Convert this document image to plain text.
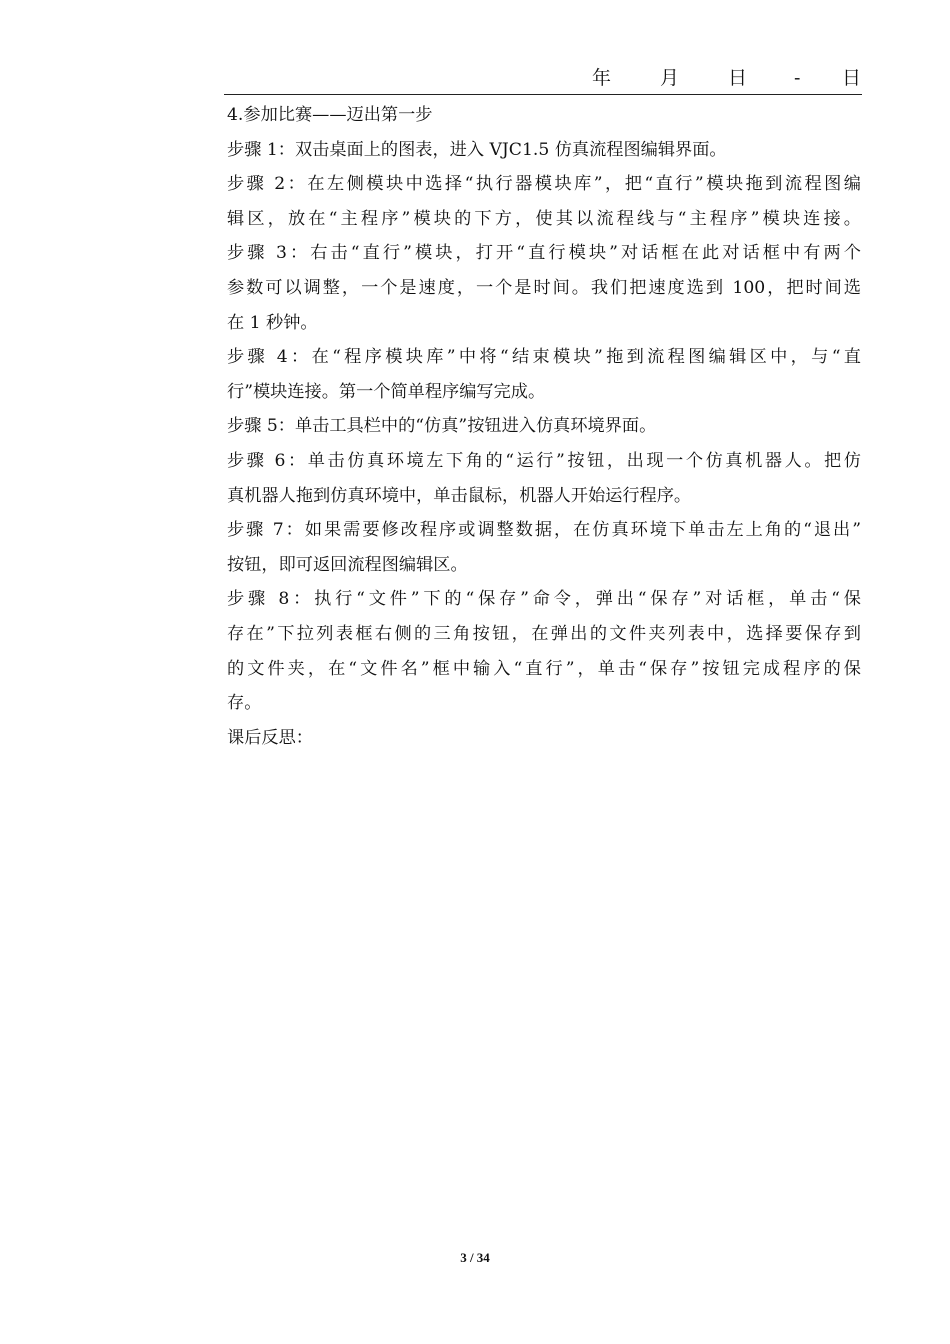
年	月	日 - 日
4.参加比赛——迈出第一步
步骤 1：双击桌面上的图表，进入 VJC1.5 仿真流程图编辑界面。
步骤 2：在左侧模块中选择“执行器模块库”，把“直行”模块拖到流程图编
辑区，放在“主程序”模块的下方，使其以流程线与“主程序”模块连接。
步骤 3：右击“直行”模块，打开“直行模块”对话框在此对话框中有两个
参数可以调整，一个是速度，一个是时间。我们把速度选到 100，把时间选
在 1 秒钟。
步骤 4：在“程序模块库”中将“结束模块”拖到流程图编辑区中，与“直
行”模块连接。第一个简单程序编写完成。
步骤 5：单击工具栏中的“仿真”按钮进入仿真环境界面。
步骤 6：单击仿真环境左下角的“运行”按钮，出现一个仿真机器人。把仿
真机器人拖到仿真环境中，单击鼠标，机器人开始运行程序。
步骤 7：如果需要修改程序或调整数据，在仿真环境下单击左上角的“退出”
按钮，即可返回流程图编辑区。
步骤 8：执行“文件”下的“保存”命令，弹出“保存”对话框，单击“保
存在”下拉列表框右侧的三角按钮，在弹出的文件夹列表中，选择要保存到
的文件夹，在“文件名”框中输入“直行”，单击“保存”按钮完成程序的保
存。
课后反思：
3 / 34
